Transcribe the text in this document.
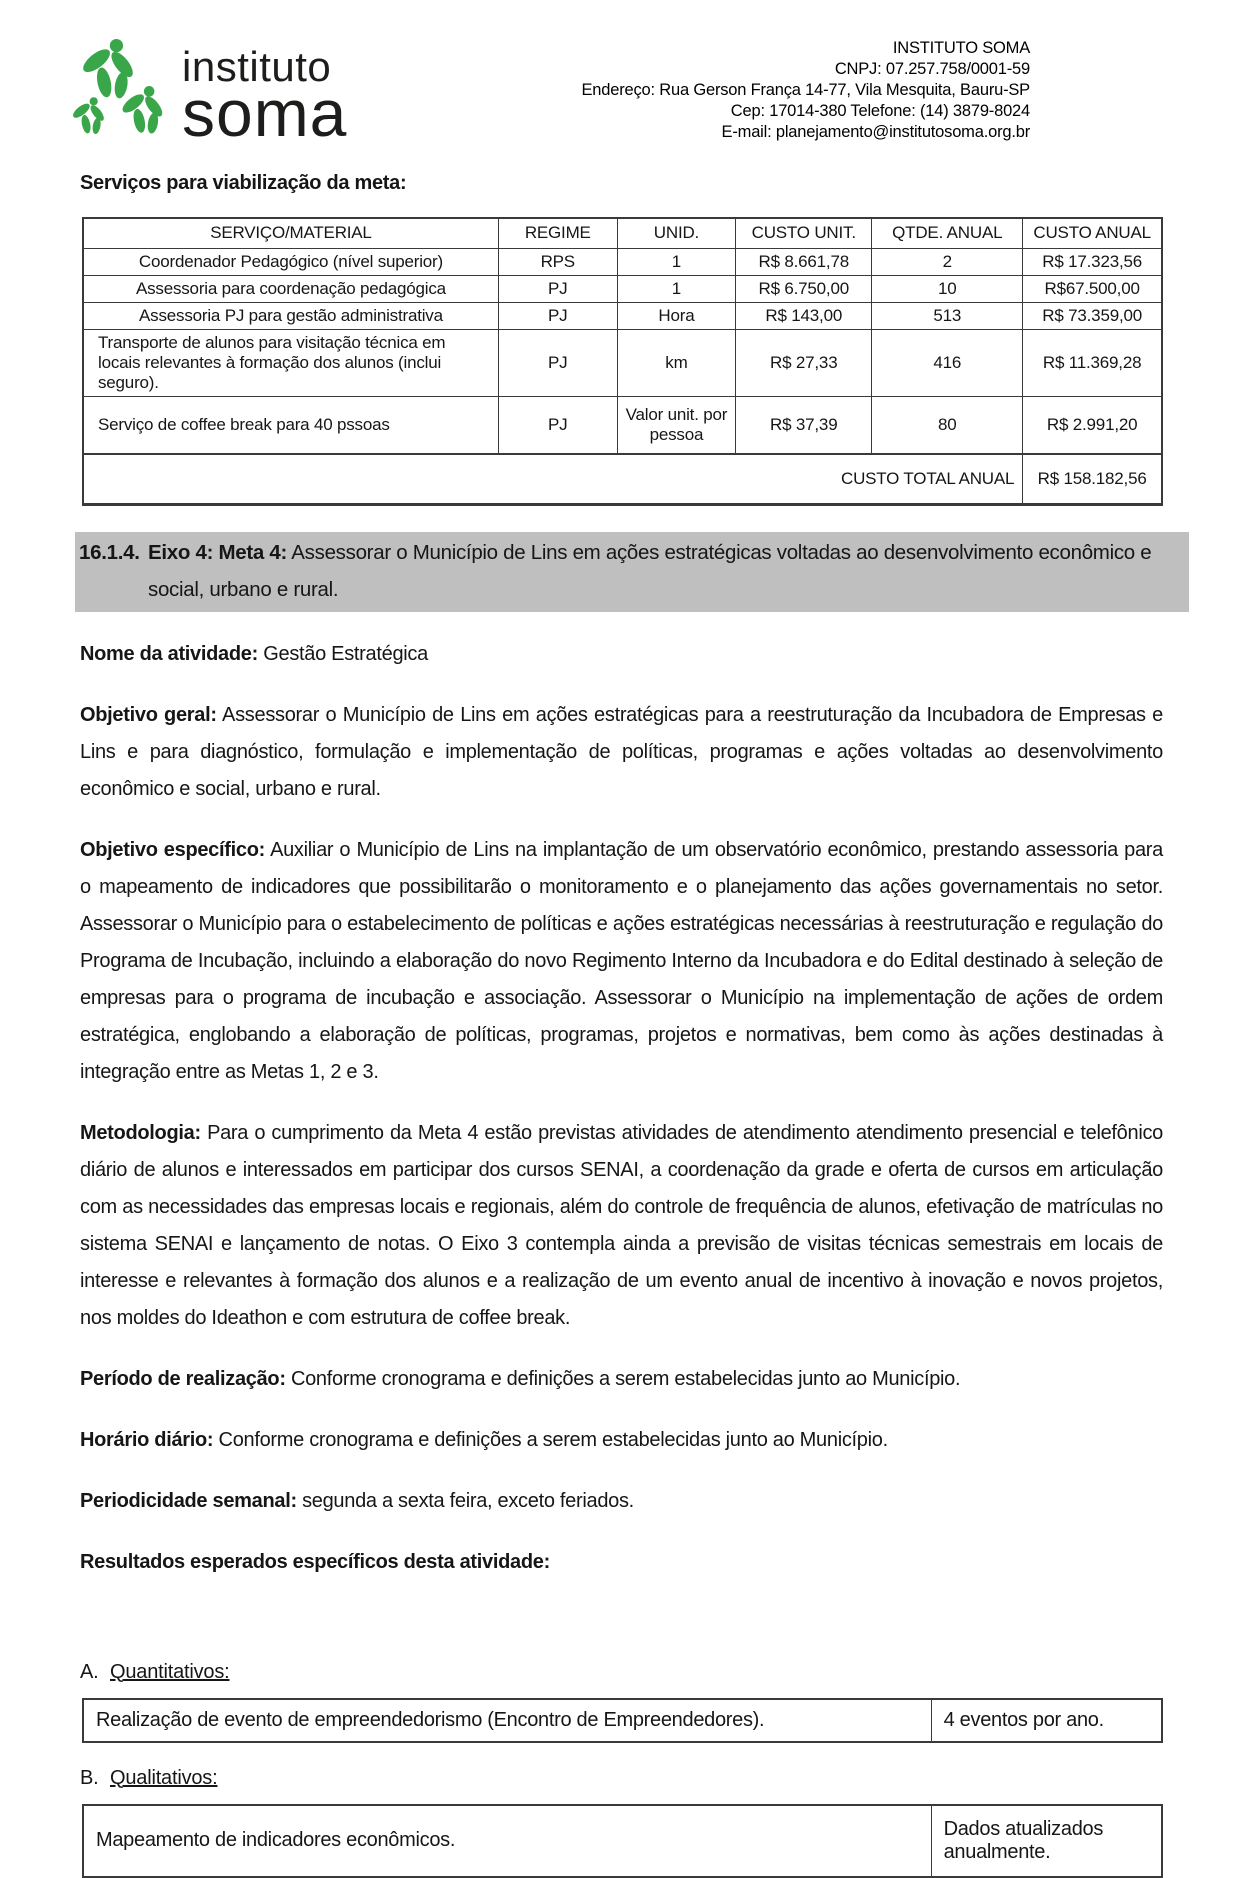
instituto
soma
INSTITUTO SOMA
CNPJ: 07.257.758/0001-59
Endereço: Rua Gerson França 14-77, Vila Mesquita, Bauru-SP
Cep: 17014-380 Telefone: (14) 3879-8024
E-mail: planejamento@institutosoma.org.br
Serviços para viabilização da meta:
SERVIÇO/MATERIAL	REGIME	UNID.	CUSTO UNIT.	QTDE. ANUAL	CUSTO ANUAL
Coordenador Pedagógico (nível superior)	RPS	1	R$ 8.661,78	2	R$ 17.323,56
Assessoria para coordenação pedagógica	PJ	1	R$ 6.750,00	10	R$67.500,00
Assessoria PJ para gestão administrativa	PJ	Hora	R$ 143,00	513	R$ 73.359,00
Transporte de alunos para visitação técnica em locais relevantes à formação dos alunos (inclui seguro).	PJ	km	R$ 27,33	416	R$ 11.369,28
Serviço de coffee break para 40 pssoas	PJ	Valor unit. por pessoa	R$ 37,39	80	R$ 2.991,20
CUSTO TOTAL ANUAL					R$ 158.182,56
16.1.4. Eixo 4: Meta 4: Assessorar o Município de Lins em ações estratégicas voltadas ao desenvolvimento econômico e social, urbano e rural.

Nome da atividade: Gestão Estratégica

Objetivo geral: Assessorar o Município de Lins em ações estratégicas para a reestruturação da Incubadora de Empresas e Lins e para diagnóstico, formulação e implementação de políticas, programas e ações voltadas ao desenvolvimento econômico e social, urbano e rural.

Objetivo específico: Auxiliar o Município de Lins na implantação de um observatório econômico, prestando assessoria para o mapeamento de indicadores que possibilitarão o monitoramento e o planejamento das ações governamentais no setor. Assessorar o Município para o estabelecimento de políticas e ações estratégicas necessárias à reestruturação e regulação do Programa de Incubação, incluindo a elaboração do novo Regimento Interno da Incubadora e do Edital destinado à seleção de empresas para o programa de incubação e associação. Assessorar o Município na implementação de ações de ordem estratégica, englobando a elaboração de políticas, programas, projetos e normativas, bem como às ações destinadas à integração entre as Metas 1, 2 e 3.

Metodologia: Para o cumprimento da Meta 4 estão previstas atividades de atendimento atendimento presencial e telefônico diário de alunos e interessados em participar dos cursos SENAI, a coordenação da grade e oferta de cursos em articulação com as necessidades das empresas locais e regionais, além do controle de frequência de alunos, efetivação de matrículas no sistema SENAI e lançamento de notas. O Eixo 3 contempla ainda a previsão de visitas técnicas semestrais em locais de interesse e relevantes à formação dos alunos e a realização de um evento anual de incentivo à inovação e novos projetos, nos moldes do Ideathon e com estrutura de coffee break.

Período de realização: Conforme cronograma e definições a serem estabelecidas junto ao Município.

Horário diário: Conforme cronograma e definições a serem estabelecidas junto ao Município.

Periodicidade semanal: segunda a sexta feira, exceto feriados.

Resultados esperados específicos desta atividade:

A. Quantitativos:
Realização de evento de empreendedorismo (Encontro de Empreendedores).	4 eventos por ano.
B. Qualitativos:
Mapeamento de indicadores econômicos.	Dados atualizados anualmente.
